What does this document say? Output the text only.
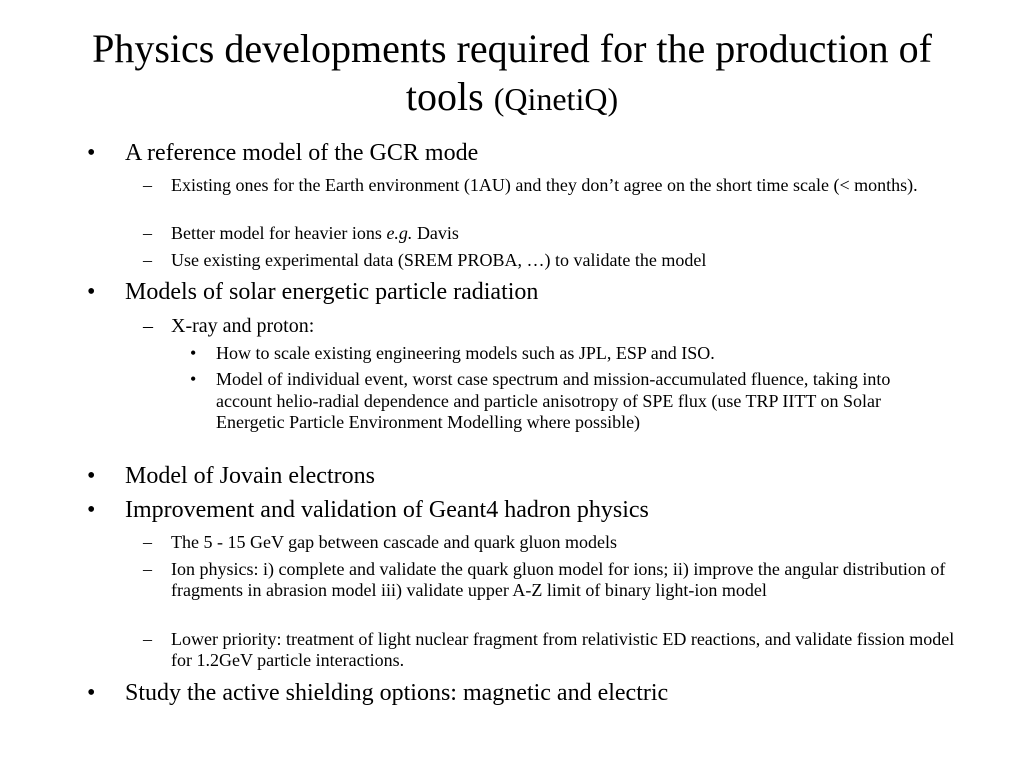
Physics developments required for the production of tools (QinetiQ)
• A reference model of the GCR mode
– Existing ones for the Earth environment (1AU) and they don’t agree on the short time scale (< months).
– Better model for heavier ions e.g. Davis
– Use existing experimental data (SREM PROBA, …) to validate the model
• Models of solar energetic particle radiation
– X-ray and proton:
• How to scale existing engineering models such as JPL, ESP and ISO.
• Model of individual event, worst case spectrum and mission-accumulated fluence, taking into account helio-radial dependence and particle anisotropy of SPE flux (use TRP IITT on Solar Energetic Particle Environment Modelling where possible)
• Model of Jovain electrons
• Improvement and validation of Geant4 hadron physics
– The 5 - 15 GeV gap between cascade and quark gluon models
– Ion physics: i) complete and validate the quark gluon model for ions; ii) improve the angular distribution of fragments in abrasion model iii) validate upper A-Z limit of binary light-ion model
– Lower priority: treatment of light nuclear fragment from relativistic ED reactions, and validate fission model for 1.2GeV particle interactions.
• Study the active shielding options: magnetic and electric
